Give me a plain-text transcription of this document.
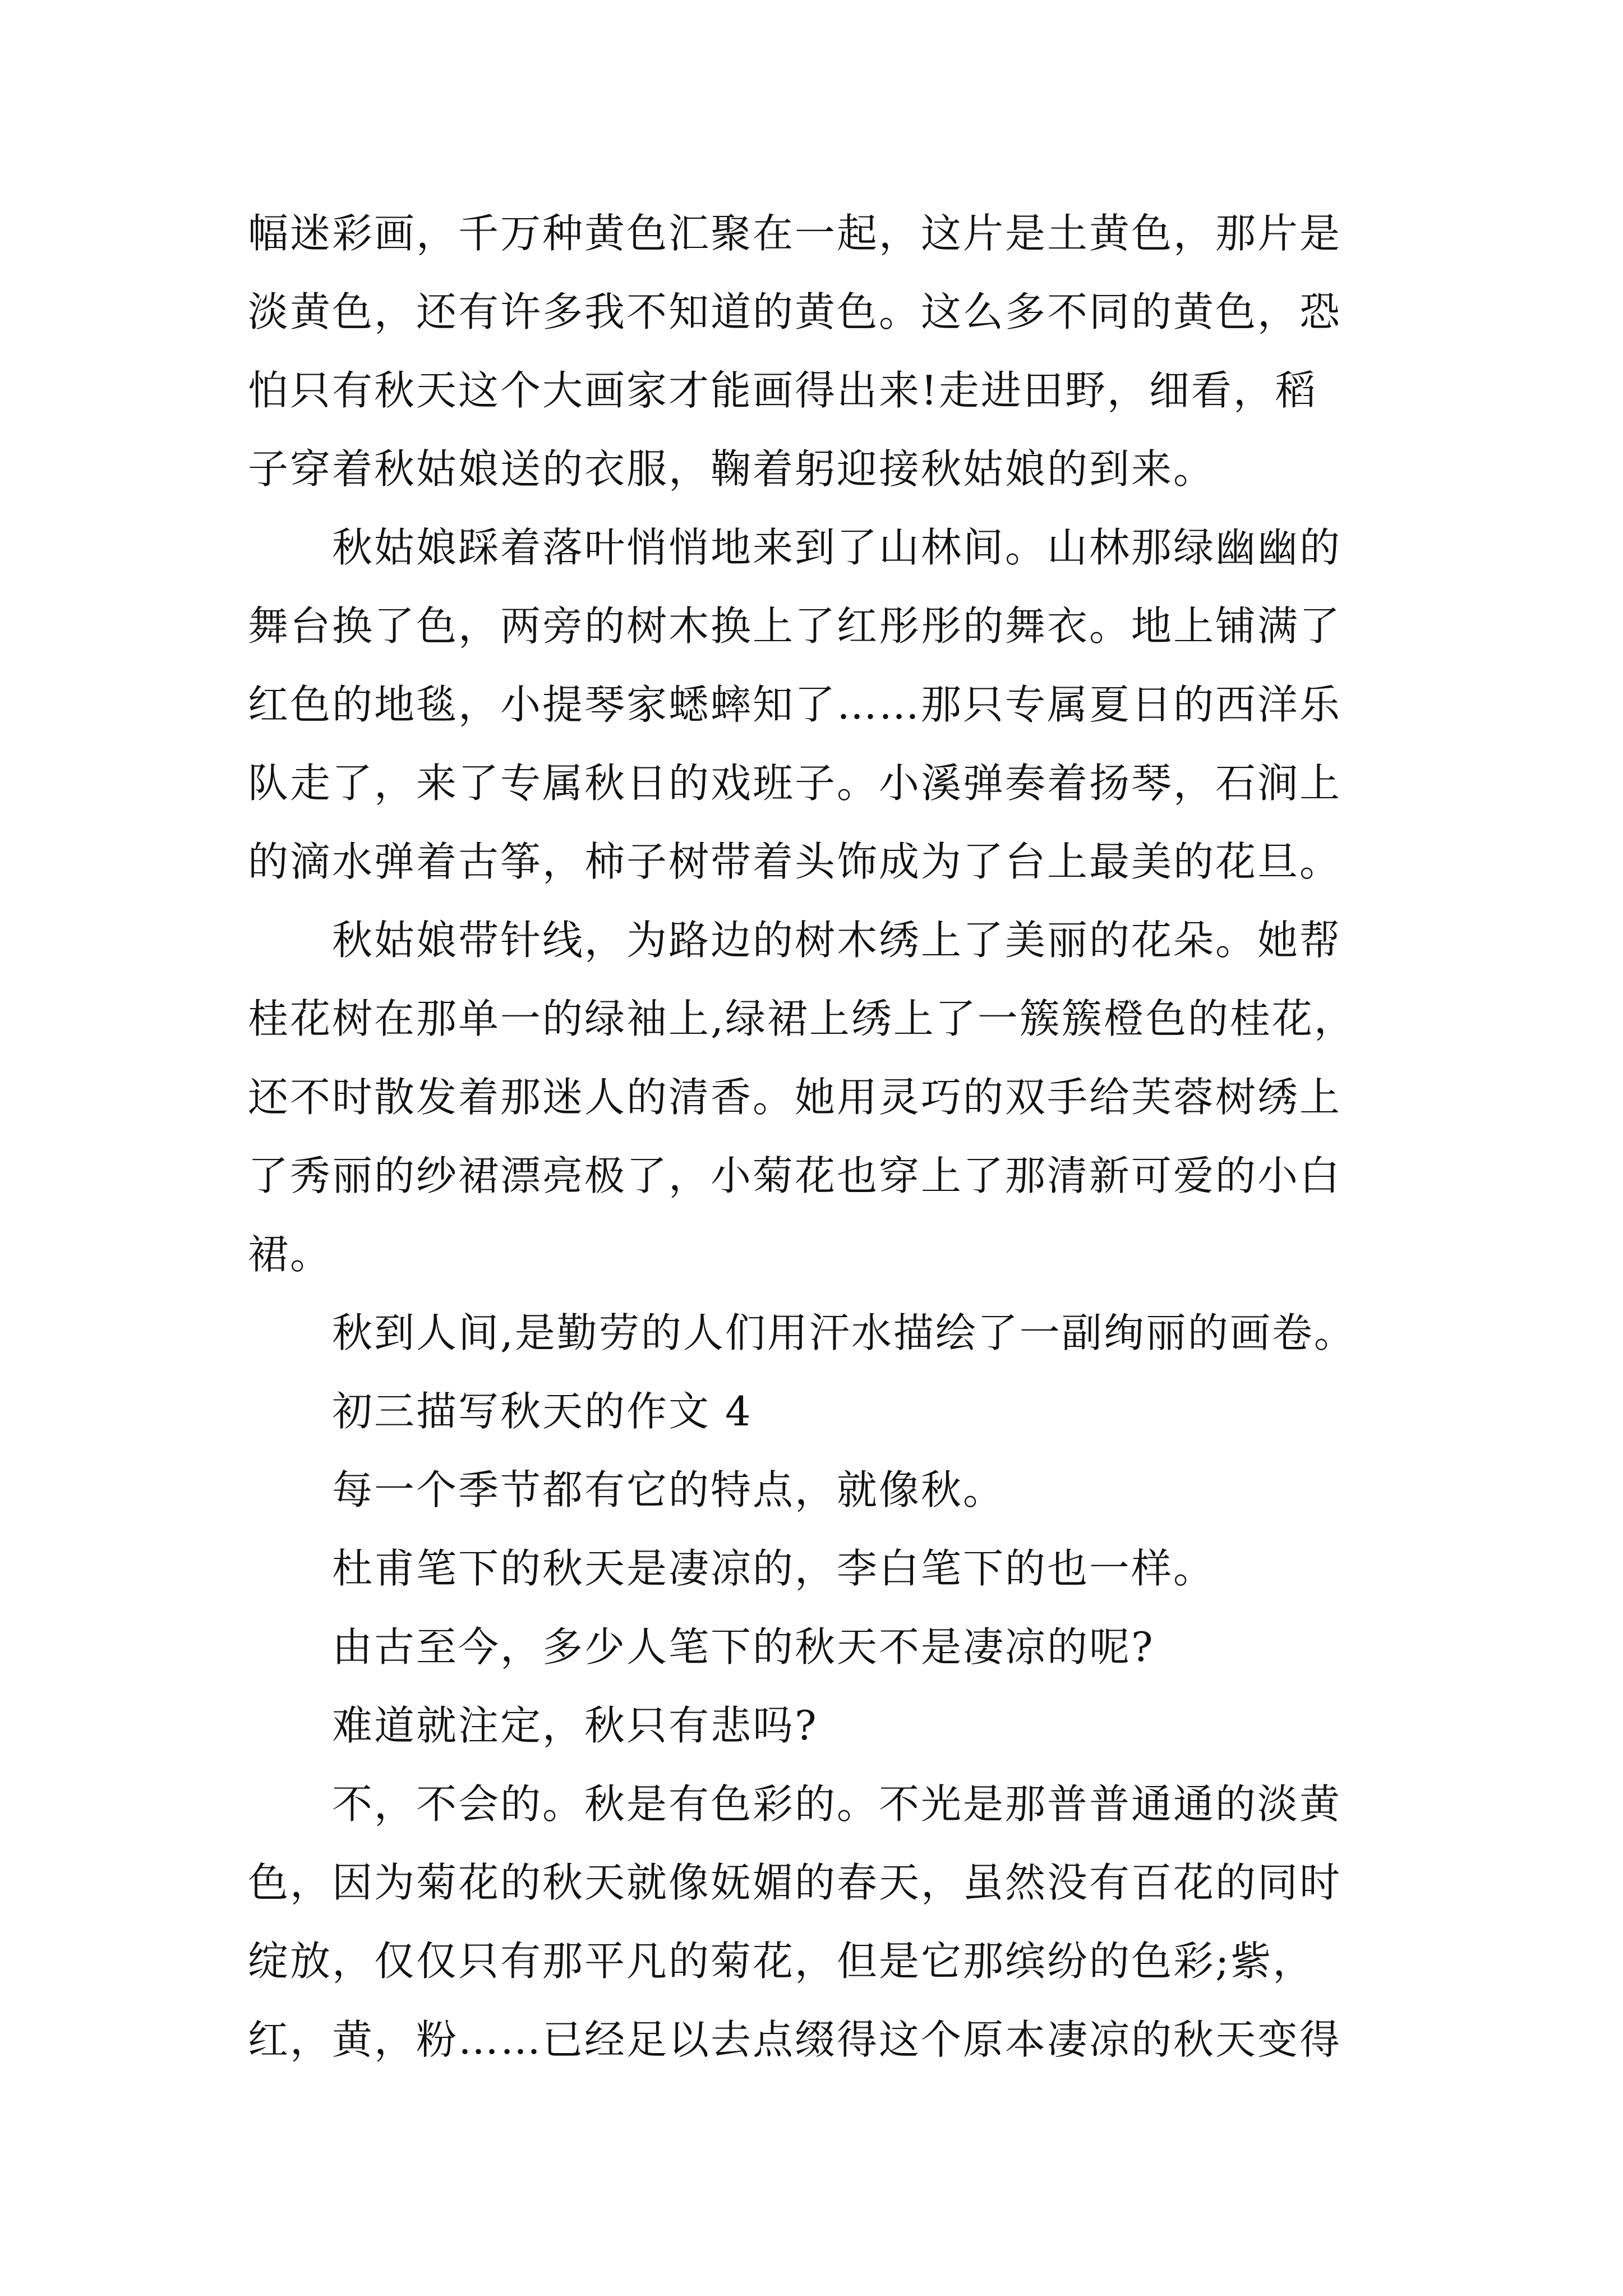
幅迷彩画，千万种黄色汇聚在一起，这片是土黄色，那片是
淡黄色，还有许多我不知道的黄色。这么多不同的黄色，恐
怕只有秋天这个大画家才能画得出来!走进田野，细看，稻
子穿着秋姑娘送的衣服，鞠着躬迎接秋姑娘的到来。
秋姑娘踩着落叶悄悄地来到了山林间。山林那绿幽幽的
舞台换了色，两旁的树木换上了红彤彤的舞衣。地上铺满了
红色的地毯，小提琴家蟋蟀知了……那只专属夏日的西洋乐
队走了，来了专属秋日的戏班子。小溪弹奏着扬琴，石涧上
的滴水弹着古筝，柿子树带着头饰成为了台上最美的花旦。
秋姑娘带针线，为路边的树木绣上了美丽的花朵。她帮
桂花树在那单一的绿袖上,绿裙上绣上了一簇簇橙色的桂花，
还不时散发着那迷人的清香。她用灵巧的双手给芙蓉树绣上
了秀丽的纱裙漂亮极了，小菊花也穿上了那清新可爱的小白
裙。
秋到人间,是勤劳的人们用汗水描绘了一副绚丽的画卷。
初三描写秋天的作文 4
每一个季节都有它的特点，就像秋。
杜甫笔下的秋天是凄凉的，李白笔下的也一样。
由古至今，多少人笔下的秋天不是凄凉的呢?
难道就注定，秋只有悲吗?
不，不会的。秋是有色彩的。不光是那普普通通的淡黄
色，因为菊花的秋天就像妩媚的春天，虽然没有百花的同时
绽放，仅仅只有那平凡的菊花，但是它那缤纷的色彩;紫，
红，黄，粉……已经足以去点缀得这个原本凄凉的秋天变得
